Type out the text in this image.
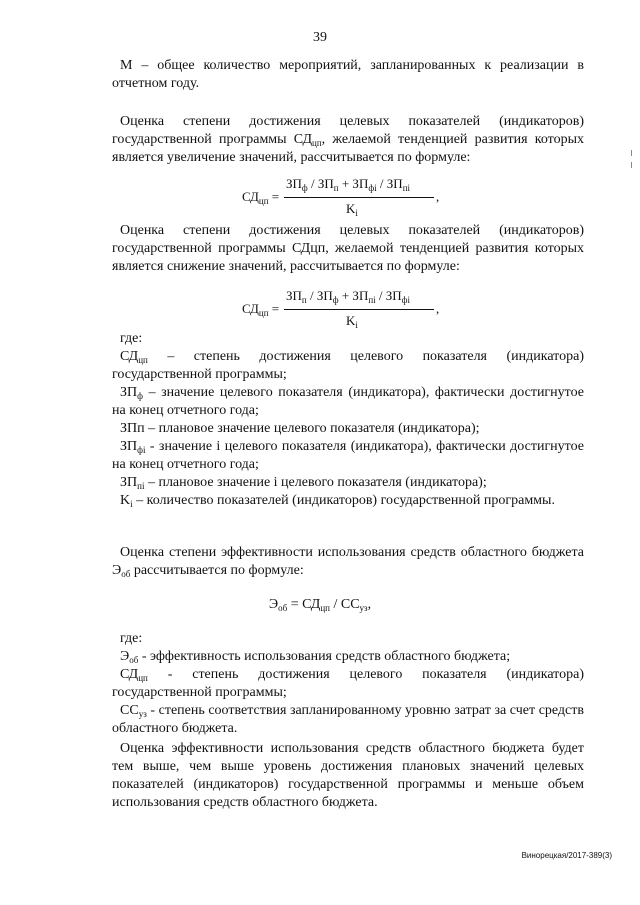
39
М – общее количество мероприятий, запланированных к реализации в отчетном году.
Оценка степени достижения целевых показателей (индикаторов) государственной программы $СД_{цп}$, желаемой тенденцией развития которых является увеличение значений, рассчитывается по формуле:
$СД_{цп}$ =
$ЗП_ф / ЗП_п + ЗП_{фi} / ЗП_{пi}$
$K_i$
,
Оценка степени достижения целевых показателей (индикаторов) государственной программы СДцп, желаемой тенденцией развития которых является снижение значений, рассчитывается по формуле:
$СД_{цп}$ =
$ЗП_п / ЗП_ф + ЗП_{пi} / ЗП_{фi}$
$K_i$
,
где:
$СД_{цп}$ – степень достижения целевого показателя (индикатора) государственной программы;
$ЗП_ф$ – значение целевого показателя (индикатора), фактически достигнутое на конец отчетного года;
ЗПп – плановое значение целевого показателя (индикатора);
$ЗП_{фi}$ - значение i целевого показателя (индикатора), фактически достигнутое на конец отчетного года;
$ЗП_{пi}$ – плановое значение i целевого показателя (индикатора);
$K_i$ – количество показателей (индикаторов) государственной программы.
Оценка степени эффективности использования средств областного бюджета $Э_{об}$ рассчитывается по формуле:
$Э_{об} = СД_{цп} / СС_{уз}$,
где:
$Э_{об}$ - эффективность использования средств областного бюджета;
$СД_{цп}$ - степень достижения целевого показателя (индикатора) государственной программы;
$СС_{уз}$ - степень соответствия запланированному уровню затрат за счет средств областного бюджета.
Оценка эффективности использования средств областного бюджета будет тем выше, чем выше уровень достижения плановых значений целевых показателей (индикаторов) государственной программы и меньше объем использования средств областного бюджета.
Винорецкая/2017-389(3)
